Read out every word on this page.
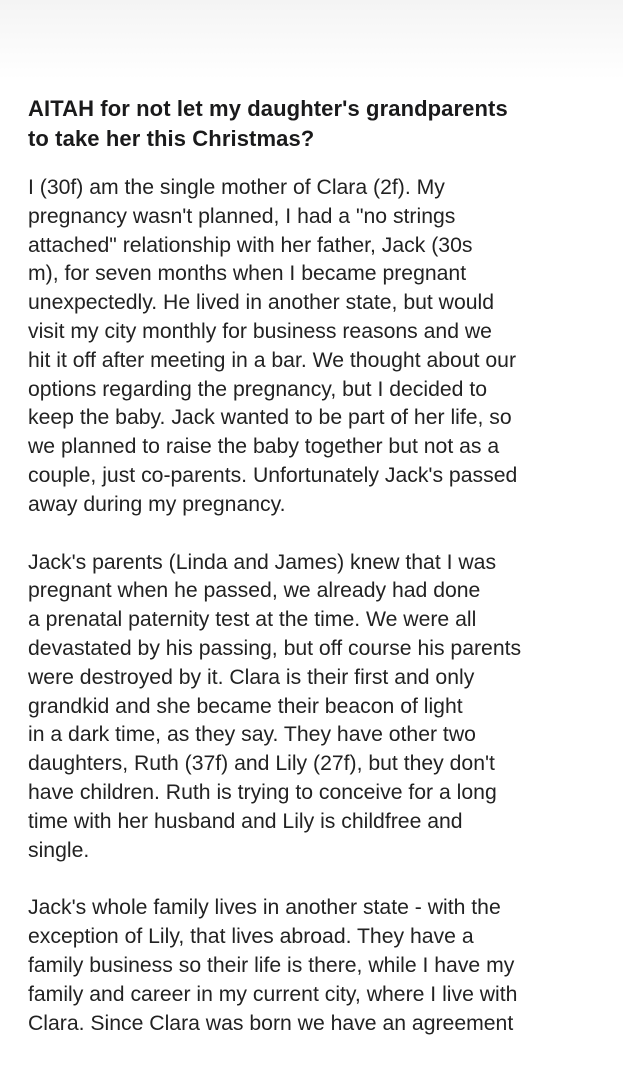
AITAH for not let my daughter's grandparents
to take her this Christmas?

I (30f) am the single mother of Clara (2f). My
pregnancy wasn't planned, I had a "no strings
attached" relationship with her father, Jack (30s
m), for seven months when I became pregnant
unexpectedly. He lived in another state, but would
visit my city monthly for business reasons and we
hit it off after meeting in a bar. We thought about our
options regarding the pregnancy, but I decided to
keep the baby. Jack wanted to be part of her life, so
we planned to raise the baby together but not as a
couple, just co-parents. Unfortunately Jack's passed
away during my pregnancy.

Jack's parents (Linda and James) knew that I was
pregnant when he passed, we already had done
a prenatal paternity test at the time. We were all
devastated by his passing, but off course his parents
were destroyed by it. Clara is their first and only
grandkid and she became their beacon of light
in a dark time, as they say. They have other two
daughters, Ruth (37f) and Lily (27f), but they don't
have children. Ruth is trying to conceive for a long
time with her husband and Lily is childfree and
single.

Jack's whole family lives in another state - with the
exception of Lily, that lives abroad. They have a
family business so their life is there, while I have my
family and career in my current city, where I live with
Clara. Since Clara was born we have an agreement
